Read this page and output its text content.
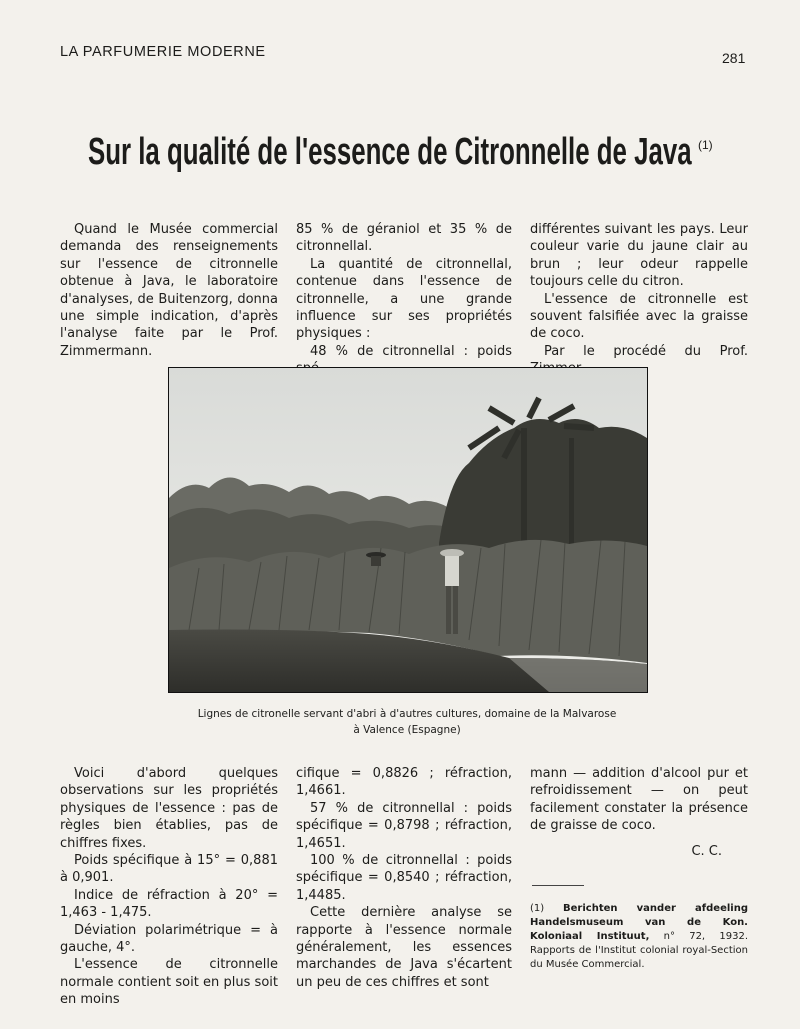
LA PARFUMERIE MODERNE	281
Sur la qualité de l'essence de Citronnelle de Java (1)

Quand le Musée commercial demanda des renseignements sur l'essence de citronnelle obtenue à Java, le laboratoire d'analyses, de Buitenzorg, donna une simple indication, d'après l'analyse faite par le Prof. Zimmermann.

85 % de géraniol et 35 % de citronnellal.

La quantité de citronnellal, contenue dans l'essence de citronnelle, a une grande influence sur ses propriétés physiques :

48 % de citronnellal : poids

différentes suivant les pays. Leur couleur varie du jaune clair au brun ; leur odeur rappelle toujours celle du citron.

L'essence de citronnelle est souvent falsifiée avec la graisse de coco.

Par le procédé du Prof.

Lignes de citronelle servant d'abri à d'autres cultures, domaine de la Malvarose
à Valence (Espagne)

Voici d'abord quelques observations sur les propriétés physiques de l'essence : pas de règles bien établies, pas de chiffres fixes.

Poids spécifique à 15° = 0,881 à 0,901.

Indice de réfraction à 20° = 1,463 - 1,475.

Déviation polarimétrique = à gauche, 4°.

L'essence de citronnelle normale contient soit en plus soit en moins

cifique = 0,8826 ; réfraction, 1,4661.

57 % de citronnellal : poids spécifique = 0,8798 ; réfraction, 1,4651.

100 % de citronnellal : poids spécifique = 0,8540 ; réfraction, 1,4485.

Cette dernière analyse se rapporte à l'essence normale généralement, les essences marchandes de Java s'écartent un peu de ces chiffres et sont

mann — addition d'alcool pur et refroidissement — on peut facilement constater la présence de graisse de coco.

C. C.

(1) Berichten vander afdeeling Handelsmuseum van de Kon. Koloniaal Instituut, n° 72, 1932. Rapports de l'Institut colonial royal-Section du Musée Commercial.
